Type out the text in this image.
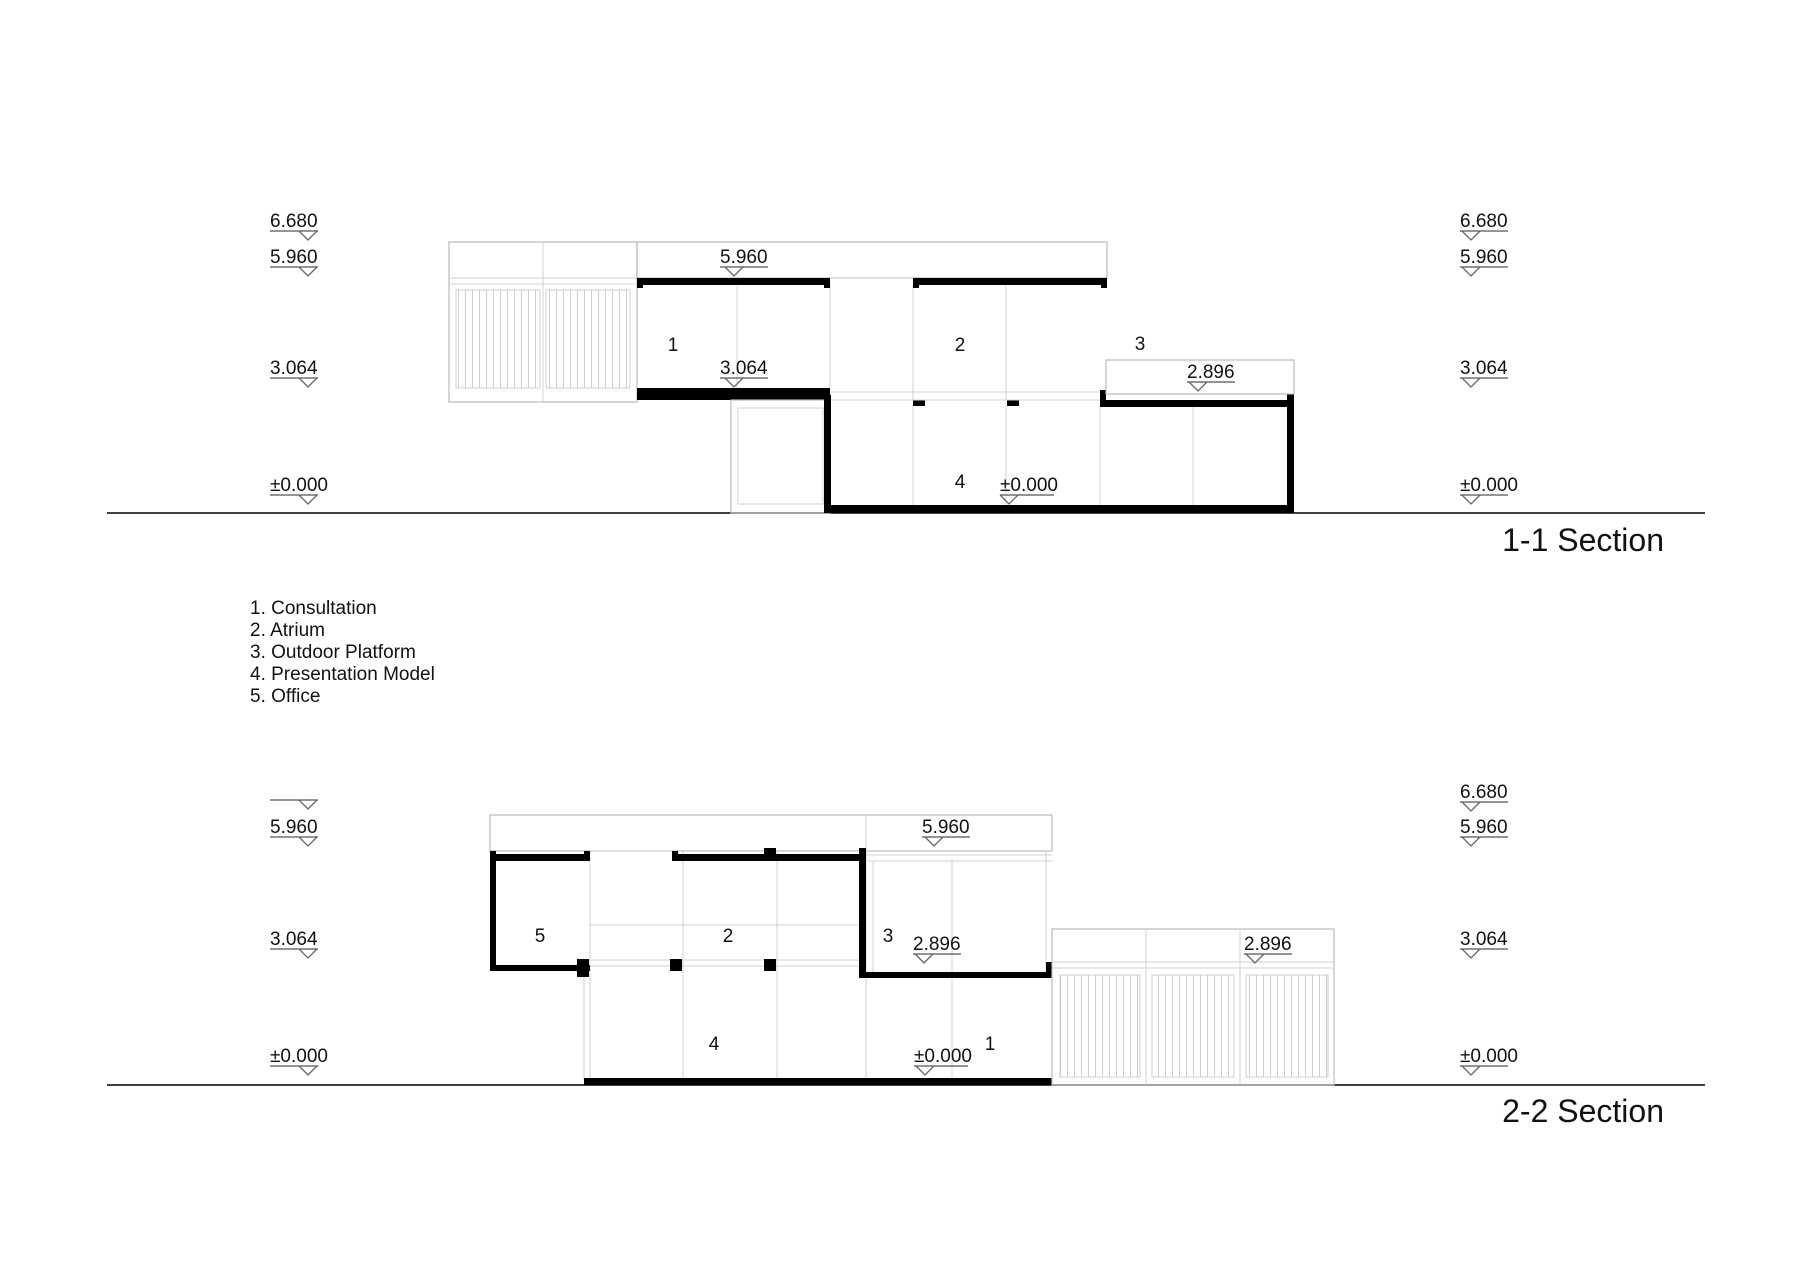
1	2	3
4
6.680
5.960
3.064
±0.000
6.680
5.960
3.064
±0.000
5.960
3.064	2.896
±0.000
1-1 Section
5	2	3
4	1
5.960
3.064
±0.000
6.680
5.960
3.064
±0.000
5.960
2.896	2.896
±0.000
2-2 Section
1. Consultation
2. Atrium
3. Outdoor Platform
4. Presentation Model
5. Office
